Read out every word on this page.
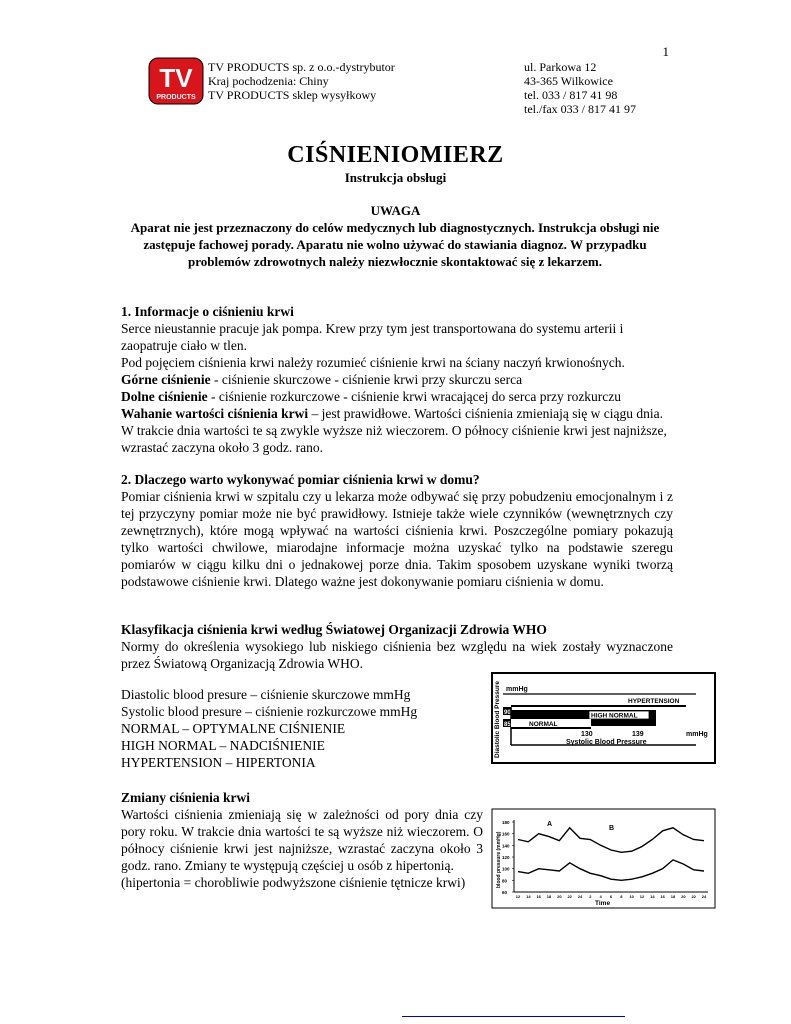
1
TV
PRODUCTS
TV PRODUCTS sp. z o.o.-dystrybutor
Kraj pochodzenia: Chiny
TV PRODUCTS sklep wysyłkowy
ul. Parkowa 12
43-365 Wilkowice
tel. 033 / 817 41 98
tel./fax 033 / 817 41 97
CIŚNIENIOMIERZ
Instrukcja obsługi
UWAGA
Aparat nie jest przeznaczony do celów medycznych lub diagnostycznych. Instrukcja obsługi nie zastępuje fachowej porady. Aparatu nie wolno używać do stawiania diagnoz. W przypadku problemów zdrowotnych należy niezwłocznie skontaktować się z lekarzem.

1. Informacje o ciśnieniu krwi

Serce nieustannie pracuje jak pompa. Krew przy tym jest transportowana do systemu arterii i zaopatruje ciało w tlen.

Pod pojęciem ciśnienia krwi należy rozumieć ciśnienie krwi na ściany naczyń krwionośnych.

Górne ciśnienie - ciśnienie skurczowe - ciśnienie krwi przy skurczu serca

Dolne ciśnienie - ciśnienie rozkurczowe - ciśnienie krwi wracającej do serca przy rozkurczu

Wahanie wartości ciśnienia krwi – jest prawidłowe. Wartości ciśnienia zmieniają się w ciągu dnia. W trakcie dnia wartości te są zwykle wyższe niż wieczorem. O północy ciśnienie krwi jest najniższe, wzrastać zaczyna około 3 godz. rano.

2. Dlaczego warto wykonywać pomiar ciśnienia krwi w domu?

Pomiar ciśnienia krwi w szpitalu czy u lekarza może odbywać się przy pobudzeniu emocjonalnym i z tej przyczyny pomiar może nie być prawidłowy. Istnieje także wiele czynników (wewnętrznych czy zewnętrznych), które mogą wpływać na wartości ciśnienia krwi. Poszczególne pomiary pokazują tylko wartości chwilowe, miarodajne informacje można uzyskać tylko na podstawie szeregu pomiarów w ciągu kilku dni o jednakowej porze dnia. Takim sposobem uzyskane wyniki tworzą podstawowe ciśnienie krwi. Dlatego ważne jest dokonywanie pomiaru ciśnienia w domu.

Klasyfikacja ciśnienia krwi według Światowej Organizacji Zdrowia WHO

Normy do określenia wysokiego lub niskiego ciśnienia bez względu na wiek zostały wyznaczone przez Światową Organizacją Zdrowia WHO.

Diastolic blood presure – ciśnienie skurczowe mmHg

Systolic blood presure – ciśnienie rozkurczowe mmHg

NORMAL – OPTYMALNE CIŚNIENIE

HIGH NORMAL – NADCIŚNIENIE

HYPERTENSION – HIPERTONIA

Zmiany ciśnienia krwi

Wartości ciśnienia zmieniają się w zależności od pory dnia czy pory roku. W trakcie dnia wartości te są wyższe niż wieczorem. O północy ciśnienie krwi jest najniższe, wzrastać zaczyna około 3 godz. rano. Zmiany te występują częściej u osób z hipertonią.

(hipertonia = chorobliwie podwyższone ciśnienie tętnicze krwi)

Diastolic Blood Pressure mmHg
90
85
HYPERTENSION
HIGH NORMAL
NORMAL
130	139	mmHg
Systolic Blood Pressure
blood pressure (mmHg)
A
B
Time
180
160
140
120
100
80
60
12 14 16 18 20 22 24 2 4 6 8 10 12 14 16 18 20 22 24
